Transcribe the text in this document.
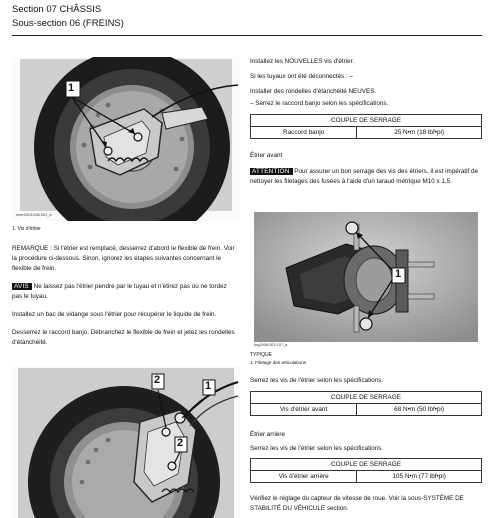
Section 07 CHÂSSIS
Sous-section 06 (FREINS)
1
mmr2013-036-001_a
1. Vis d'étrier

REMARQUE : Si l'étrier est remplacé, desserrez d'abord le flexible de frein. Voir la procédure ci-dessous. Sinon, ignorez les étapes suivantes concernant le flexible de frein.

AVIS Ne laissez pas l'étrier pendre par le tuyau et n'étirez pas ou ne tordez pas le tuyau.

Installez un bac de vidange sous l'étrier pour récupérer le liquide de frein.

Desserrez le raccord banjo. Débranchez le flexible de frein et jetez les rondelles d'étanchéité.

2	1
2

Installez les NOUVELLES vis d'étrier.

Si les tuyaux ont été déconnectés : –

Installer des rondelles d'étanchéité NEUVES.

– Serrez le raccord banjo selon les spécifications.

COUPLE DE SERRAGE
Raccord banjo	25 N•m (18 lbf•pi)

Étrier avant

ATTENTION Pour assurer un bon serrage des vis des étriers, il est impératif de nettoyer les filetages des fusées à l'aide d'un taraud métrique M10 x 1,5.

1
rbg2008-003-107_a
TYPIQUE
1. Filetage des articulations

Serrez les vis de l'étrier selon les spécifications.

COUPLE DE SERRAGE
Vis d'étrier avant	68 N•m (50 lbf•pi)

Étrier arrière

Serrez les vis de l'étrier selon les spécifications.

COUPLE DE SERRAGE
Vis d'étrier arrière	105 N•m (77 lbf•pi)

Vérifiez le réglage du capteur de vitesse de roue. Voir la sous-SYSTÈME DE STABILITÉ DU VÉHICULE section.
